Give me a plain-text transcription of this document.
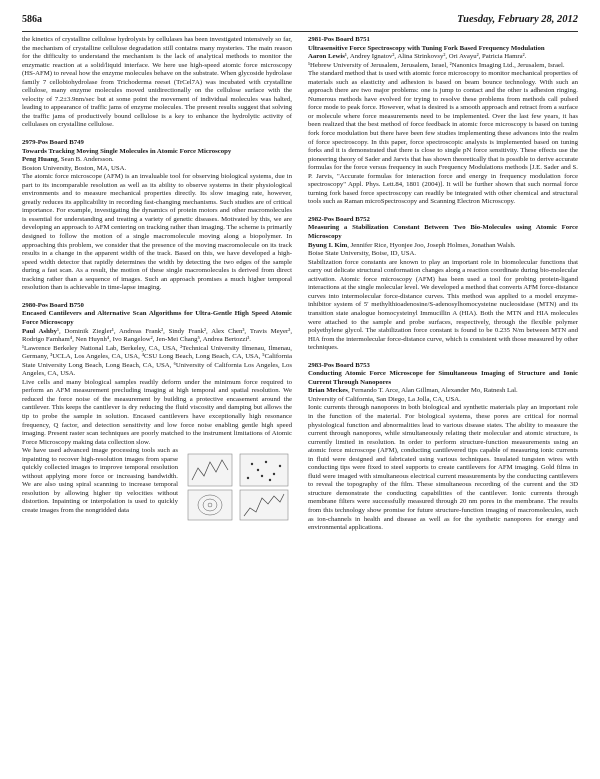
586a	Tuesday, February 28, 2012

the kinetics of crystalline cellulose hydrolysis by cellulases has been investigated intensively so far, the mechanism of crystalline cellulose degradation still contains many mysteries. The main reason for the difficulty to understand the mechanism is the lack of analytical methods to monitor the enzymatic reaction at a solid/liquid interface. We here use high-speed atomic force microscopy (HS-AFM) to reveal how the enzyme molecules behave on the substrate. When glycoside hydrolase family 7 cellobiohydrolase from Trichoderma reesei (TrCel7A) was incubated with crystalline cellulose, many enzyme molecules moved unidirectionally on the cellulose surface with the velocity of 7.2±3.9nm/sec but at some point the movement of individual molecules was halted, leading to appearance of traffic jams of enzyme molecules. The present results suggest that solving the traffic jams of productively bound cellulose is a key to enhance the hydrolytic activity of cellulases on crystalline cellulose.

2979-Pos Board B749

Towards Tracking Moving Single Molecules in Atomic Force Microscopy

Peng Huang, Sean B. Andersson.

Boston University, Boston, MA, USA.

The atomic force microscope (AFM) is an invaluable tool for observing biological systems, due in part to its incomparable resolution as well as its ability to observe systems in their physiological environments and to measure mechanical properties directly. Its slow imaging rate, however, greatly reduces its applicability in recording fast-changing mechanisms. Such studies are of critical importance. For example, investigating the dynamics of protein motors and other macromolecules is essential for understanding and treating a variety of genetic diseases. Motivated by this, we are developing an approach to AFM centering on tracking rather than imaging. The scheme is primarily designed to follow the motion of a single macromolecule moving along a biopolymer. In approaching this problem, we consider that the presence of the moving macromolecule on its track results in a change in the apparent width of the track. Based on this, we have developed a high-speed width detector that rapidly determines the width by detecting the two edges of the sample during a fast scan. As a result, the motion of these single macromolecules is derived from direct tracking rather than a sequence of images. Such an approach promises a much higher temporal resolution than is achievable in time-lapse imaging.

2980-Pos Board B750

Encased Cantilevers and Alternative Scan Algorithms for Ultra-Gentle High Speed Atomic Force Microscopy

Paul Ashby¹, Dominik Ziegler¹, Andreas Frank², Sindy Frank², Alex Chen³, Travis Meyer³, Rodrigo Farnham⁴, Nen Huynh⁴, Ivo Rangelow², Jen-Mei Chang⁵, Andrea Bertozzi³.

¹Lawrence Berkeley National Lab, Berkeley, CA, USA, ²Technical University Ilmenau, Ilmenau, Germany, ³UCLA, Los Angeles, CA, USA, ⁴CSU Long Beach, Long Beach, CA, USA, ⁵California State University Long Beach, Long Beach, CA, USA, ⁶University of California Los Angeles, Los Angeles, CA, USA.

Live cells and many biological samples readily deform under the minimum force required to perform an AFM measurement precluding imaging at high temporal and spatial resolution. We reduced the force noise of the measurement by building a protective encasement around the cantilever. This keeps the cantilever is dry reducing the fluid viscosity and damping but allows the tip to probe the sample in solution. Encased cantilevers have exceptionally high resonance frequency, Q factor, and detection sensitivity and low force noise enabling gentle high speed imaging. Present raster scan techniques are poorly matched to the instrument limitations of Atomic Force Microscopy making data collection slow.

We have used advanced image processing tools such as inpainting to recover high-resolution images from sparse quickly collected images to improve temporal resolution without applying more force or increasing bandwidth. We are also using spiral scanning to increase temporal resolution by allowing higher tip velocities without distortion. Inpainting or interpolation is used to quickly create images from the nongridded data

2981-Pos Board B751

Ultrasensitive Force Spectroscopy with Tuning Fork Based Frequency Modulation

Aaron Lewis¹, Andrey Ignatov², Alina Strinkovsy², Ori Avayu², Patricia Hamra².

¹Hebrew University of Jerusalem, Jerusalem, Israel, ²Nanonics Imaging Ltd., Jerusalem, Israel.

The standard method that is used with atomic force microscopy to monitor mechanical properties of materials such as elasticity and adhesion is based on beam bounce technology. With such an approach there are two major problems: one is jump to contact and the other is adhesion ringing. Numerous methods have evolved for trying to resolve these problems from methods call pulsed force mode to peak force. However, what is desired is a smooth approach and retract from a surface or molecule where force measurements need to be implemented. Over the last few years, it has been realized that the best method of force feedback in atomic force microscopy is based on tuning fork force modulation but there have been few studies implementing these advances into the realm of force spectroscopy. In this paper, force spectroscopic analysis is implemented based on tuning forks and it is demonstrated that there is close to single pN force sensitivity. These effects use the pioneering theory of Sader and Jarvis that has shown theoretically that is possible to derive accurate formulas for the force versus frequency in such Frequency Modulations methods [J.E. Sader and S. P. Jarvis, "Accurate formulas for interaction force and energy in frequency modulation force spectroscopy" Appl. Phys. Lett.84, 1801 (2004)]. It will be further shown that such normal force turning fork based force spectroscopy can readily be integrated with other chemical and structural tools such as Raman microSpectroscopy and Scanning Electron Microscopy.

2982-Pos Board B752

Measuring a Stabilization Constant Between Two Bio-Molecules using Atomic Force Microscopy

Byung I. Kim, Jennifer Rice, Hyonjee Joo, Joseph Holmes, Jonathan Walsh.

Boise State University, Boise, ID, USA.

Stabilization force constants are known to play an important role in biomolecular functions that carry out delicate structural conformation changes along a reaction coordinate during bio-molecular activation. Atomic force microscopy (AFM) has been used a tool for probing protein-ligand interactions at the single molecular level. We developed a method that converts AFM force-distance curves into intermolecular force-distance curves. This method was applied to a model enzyme-inhibitor system of 5' methylthioadenosine/S-adenosylhomocysteine nucleosidase (MTN) and its transition state analogue homocysteinyl Immucillin A (HIA). Both the MTN and HIA molecules were attached to the sample and probe surfaces, respectively, through the flexible polymer polyethylene glycol. The stabilization force constant is found to be 0.235 N/m between MTN and HIA from the intermolecular force-distance curve, which is consistent with those measured by other techniques.

2983-Pos Board B753

Conducting Atomic Force Microscope for Simultaneous Imaging of Structure and Ionic Current Through Nanopores

Brian Meckes, Fernando T. Arce, Alan Gillman, Alexander Mo, Ratnesh Lal.

University of California, San Diego, La Jolla, CA, USA.

Ionic currents through nanopores in both biological and synthetic materials play an important role in the function of the material. For biological systems, these pores are critical for normal physiological function and abnormalities lead to various disease states. The ability to measure the current through nanopores, while simultaneously relating their molecular and atomic structure, is currently limited in resolution. In order to perform structure-function measurements using an atomic force microscope (AFM), conducting cantilevered tips capable of measuring ionic currents in fluid were designed and fabricated using various techniques. Insulated tungsten wires with conducting tips were fixed to steel supports to create cantilevers for AFM imaging. Gold films in fluid were imaged with simultaneous electrical current measurements by the conducting cantilevers to reveal the topography of the film. These simultaneous recording of the current and the 3D structure demonstrate the conducting capabilities of the cantilever. Ionic currents through membrane filters were successfully measured through 20 nm pores in the membrane. The results from this technology show promise for future structure-function imaging of macromolecules, such as ion-channels in health and disease as well as for the synthetic nanopores for energy and environmental applications.
